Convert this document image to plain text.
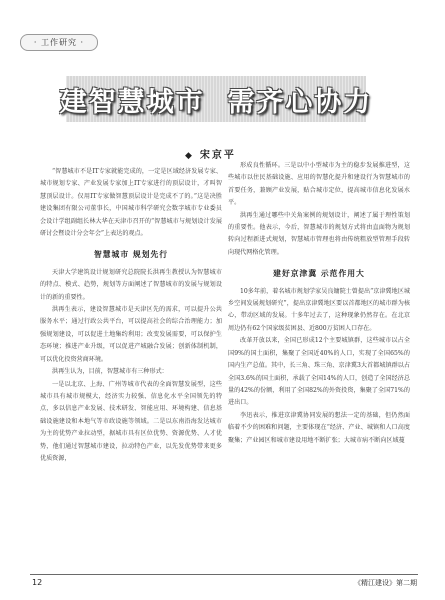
· 工作研究 ·
建智慧城市  需齐心协力
◆ 宋京平

“智慧城市不是IT专家就能完成的，一定是区域经济发展专家、城市规划专家、产业发展专家加上IT专家进行的顶层设计，才叫智慧顶层设计。仅用IT专家做智慧顶层设计是完成不了的。”这是决胜建设集团有限公司董事长，中国城市科学研究会数字城市专业委员会设计学组副组长林大华在天津市召开的“智慧城市与规划设计发展研讨会暨设计分会年会”上表达的观点。

智慧城市 规划先行

天津大学建筑设计规划研究总院院长洪再生教授认为智慧城市的特点、模式、趋势，规划等方面阐述了智慧城市的发展与规划设计的新的重要性。

洪再生表示，建设智慧城市是天津区先的需求，可以提升公共服务水平；通过行政公共平台，可以提高社会的综合治理能力；加强规划建设，可以促进土地集约利用；改变发展需要，可以保护生态环境；推进产业升级，可以促进产城融合发展；创新体制机制，可以优化投资营商环境。

洪再生认为，目前，智慧城市有三种形式：

一是以北京、上海、广州等城市代表的全面智慧发展型，这些城市具有城市规模大，经济实力较强、信息化水平全国领先的特点，多以信息产业发展、技术研发、智能应用、环境构建、信息基础设施建设和本地气等市政设施等领域。二是以东南沿海发达城市为主的优势产业拉动型，据城市具有区位优势、资源优势、人才优势，他们通过智慧城市建设，拉动特色产业，以先发优势带来更多优质资源，

形成良性循环。三是以中小型城市为主的稳步发展推进型，这些城市以住民基础设施、应用的智慧化提升和建设行为智慧城市的首要任务，兼顾产业发展，贴合城市定位，提高城市信息化发展水平。

洪再生通过哪些中关角案例的规划设计，阐述了属于理性策划的重要性。他表示，今后，智慧城市的规划方式将由直面物为规划转向过程新进式规划，智慧城市管理也将由传统粗放型管理手段转向现代网格化管理。

建好京津冀 示范作用大

10多年前，着名城市规划学家吴良镛院士曾提出“京津冀地区城乡空间发展规划研究”，提出京津冀地区要以首都地区的城市群为核心，带动区域的发展。十多年过去了，这种现象仍然存在。在北京周边仍有62个国家级贫困县、近800万贫困人口存在。

改革开放以来，全国已形成12个主要城镇群，这些城市以占全国9%的国土面积，集聚了全国近40%的人口，实现了全国65%的国内生产总值。其中，长三角、珠三角、京津冀3大首都城镇群以占全国3.6%的国土面积，承载了全国14%的人口，创造了全国经济总量的42%的份额，利用了全国82%的外资投资，集聚了全国71%的进出口。

李迅表示，推进京津冀协同发展的想法一定的基础，但仍然面临着不少的困难和问题，主要体现在“经济、产业、城镇和人口高度聚集；产业园区和城市建设用地不断扩张；大城市病不断向区域蔓

12	《精江建设》第二期
